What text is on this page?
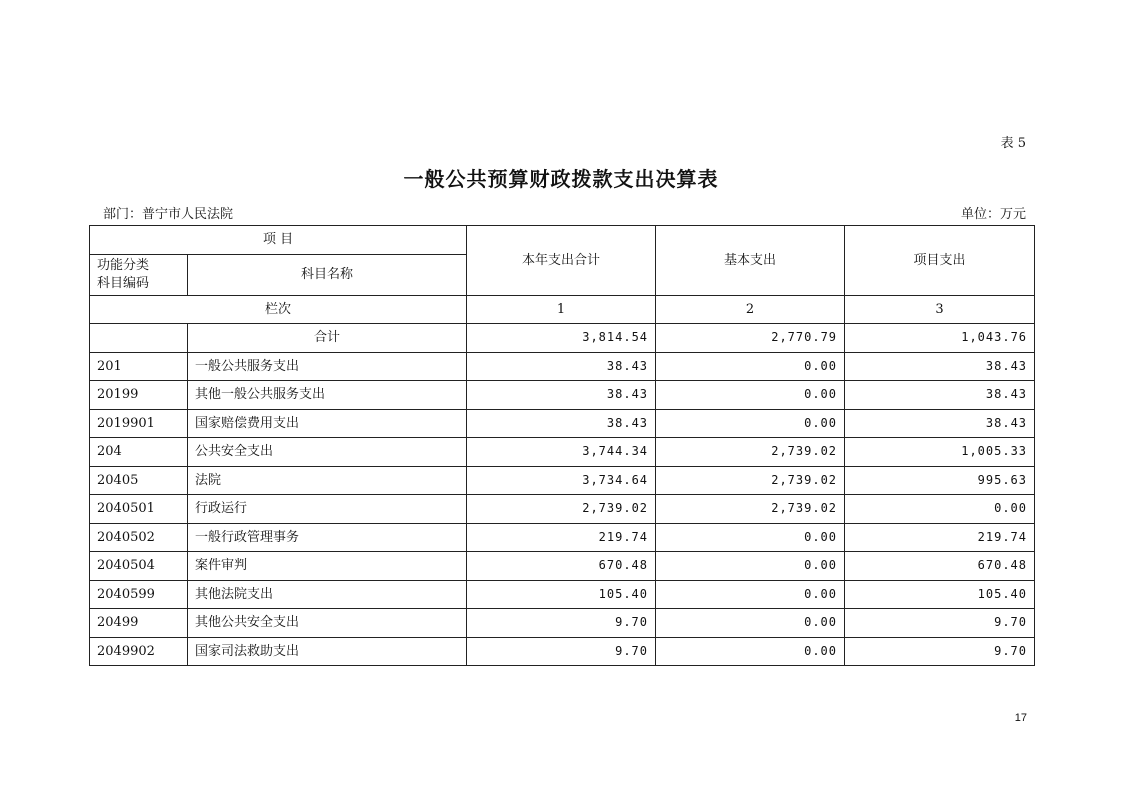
表 5
一般公共预算财政拨款支出决算表
部门：普宁市人民法院	单位：万元
项 目		本年支出合计	基本支出	项目支出

功能分类
科目编码	科目名称			
栏次		1	2	3
	合计	3,814.54	2,770.79	1,043.76
201	一般公共服务支出	38.43	0.00	38.43
20199	其他一般公共服务支出	38.43	0.00	38.43
2019901	国家赔偿费用支出	38.43	0.00	38.43
204	公共安全支出	3,744.34	2,739.02	1,005.33
20405	法院	3,734.64	2,739.02	995.63
2040501	行政运行	2,739.02	2,739.02	0.00
2040502	一般行政管理事务	219.74	0.00	219.74
2040504	案件审判	670.48	0.00	670.48
2040599	其他法院支出	105.40	0.00	105.40
20499	其他公共安全支出	9.70	0.00	9.70
2049902	国家司法救助支出	9.70	0.00	9.70
17
